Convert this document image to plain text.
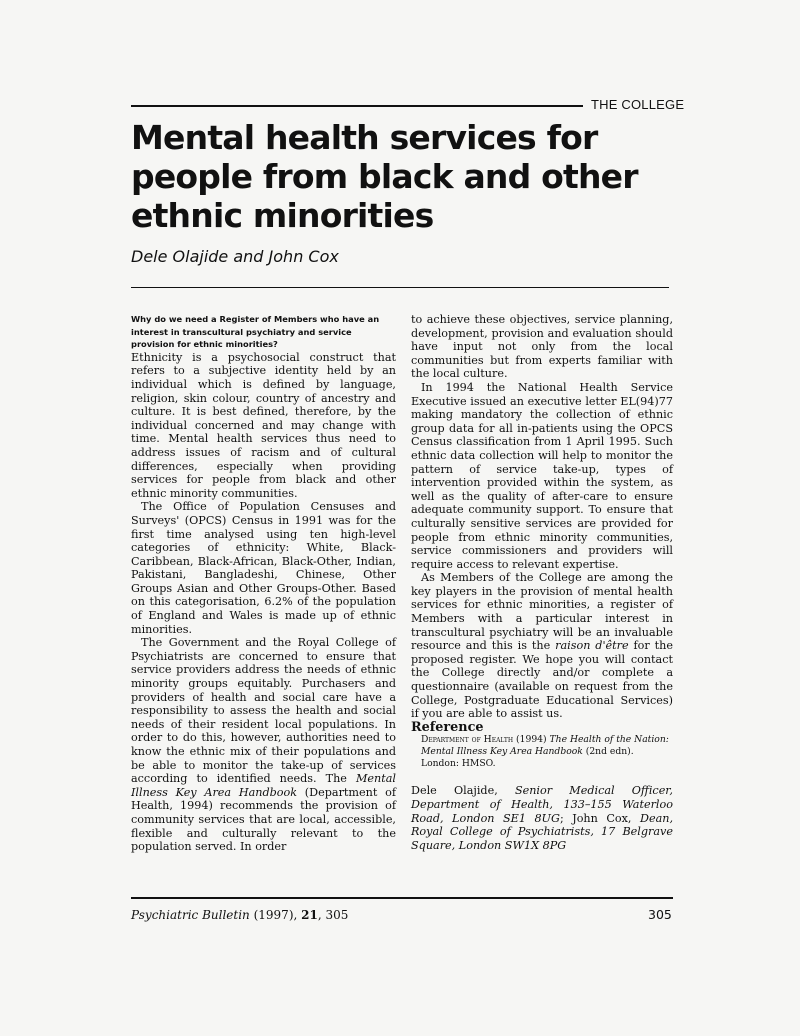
THE COLLEGE
Mental health services for people from black and other ethnic minorities

Dele Olajide and John Cox

Why do we need a Register of Members who have an interest in transcultural psychiatry and service provision for ethnic minorities?

Ethnicity is a psychosocial construct that refers to a subjective identity held by an individual which is defined by language, religion, skin colour, country of ancestry and culture. It is best defined, therefore, by the individual concerned and may change with time. Mental health services thus need to address issues of racism and of cultural differences, especially when providing services for people from black and other ethnic minority communities.

The Office of Population Censuses and Surveys' (OPCS) Census in 1991 was for the first time analysed using ten high-level categories of ethnicity: White, Black-Caribbean, Black-African, Black-Other, Indian, Pakistani, Bangladeshi, Chinese, Other Groups Asian and Other Groups-Other. Based on this categorisation, 6.2% of the population of England and Wales is made up of ethnic minorities.

The Government and the Royal College of Psychiatrists are concerned to ensure that service providers address the needs of ethnic minority groups equitably. Purchasers and providers of health and social care have a responsibility to assess the health and social needs of their resident local populations. In order to do this, however, authorities need to know the ethnic mix of their populations and be able to monitor the take-up of services according to identified needs. The Mental Illness Key Area Handbook (Department of Health, 1994) recommends the provision of community services that are local, accessible, flexible and culturally relevant to the population served. In order

to achieve these objectives, service planning, development, provision and evaluation should have input not only from the local communities but from experts familiar with the local culture.

In 1994 the National Health Service Executive issued an executive letter EL(94)77 making mandatory the collection of ethnic group data for all in-patients using the OPCS Census classification from 1 April 1995. Such ethnic data collection will help to monitor the pattern of service take-up, types of intervention provided within the system, as well as the quality of after-care to ensure adequate community support. To ensure that culturally sensitive services are provided for people from ethnic minority communities, service commissioners and providers will require access to relevant expertise.

As Members of the College are among the key players in the provision of mental health services for ethnic minorities, a register of Members with a particular interest in transcultural psychiatry will be an invaluable resource and this is the raison d'être for the proposed register. We hope you will contact the College directly and/or complete a questionnaire (available on request from the College, Postgraduate Educational Services) if you are able to assist us.

Reference

Department of Health (1994) The Health of the Nation: Mental Illness Key Area Handbook (2nd edn). London: HMSO.

Dele Olajide, Senior Medical Officer, Department of Health, 133–155 Waterloo Road, London SE1 8UG; John Cox, Dean, Royal College of Psychiatrists, 17 Belgrave Square, London SW1X 8PG

Psychiatric Bulletin (1997), 21, 305	305
